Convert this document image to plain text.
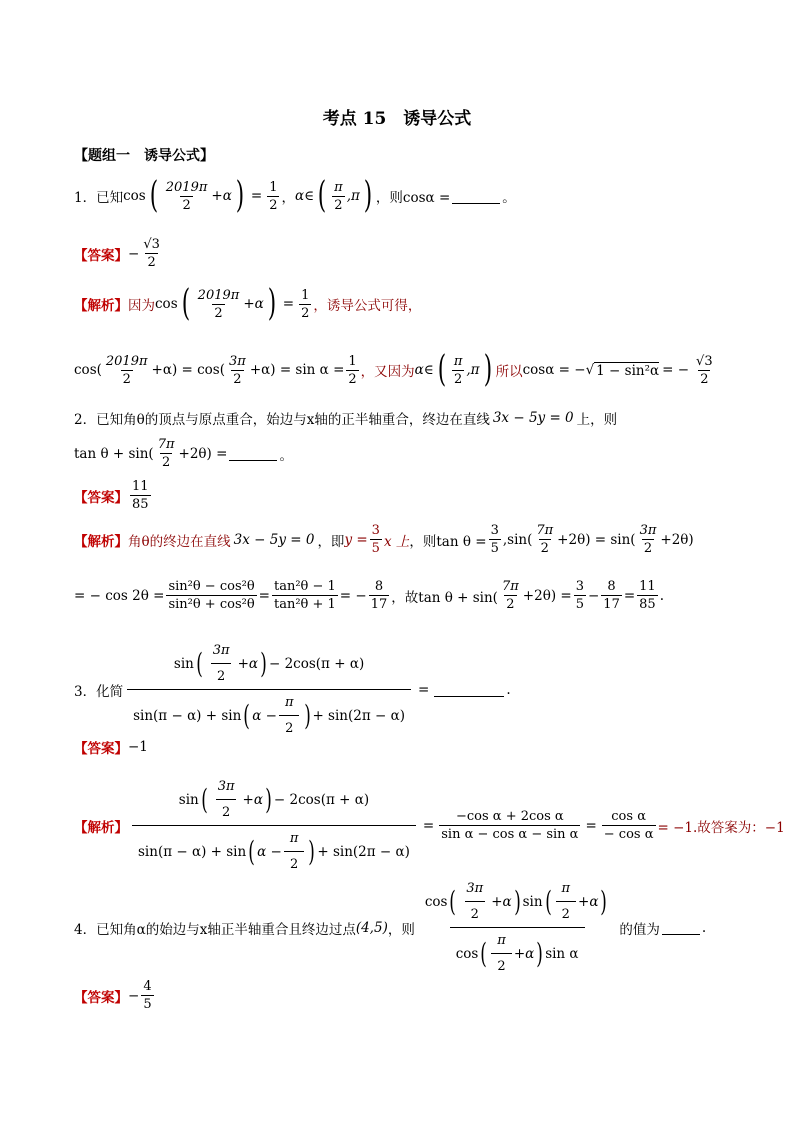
考点 15　诱导公式
【题组一　诱导公式】
1．已知 cos ( $\frac{2019\pi}{2} +\alpha$ ) = $\frac{1}{2}$ ， α∈ ( $\frac{\pi}{2} ,\pi$ ) ，则cosα =	。
【答案】 − $\frac{√3}{2}$
【解析】 因为 cos ( $\frac{2019\pi}{2} +\alpha$ ) = $\frac{1}{2}$ ，诱导公式可得，
$\cos( \frac{2019\pi}{2} +\alpha) = \cos( \frac{3\pi}{2} +\alpha) = \sin \alpha = \frac{1}{2}$ ，又因为 α∈ ( $\frac{\pi}{2} ,\pi$ ) 所以 cosα = − √ 1 − sin²α = − $\frac{√3}{2}$
2．已知角θ的顶点与原点重合，始边与x轴的正半轴重合，终边在直线 3x − 5y = 0 上，则
$\tan \theta + \sin( \frac{7\pi}{2} +2\theta)$ =	。
【答案】 $\frac{11}{85}$
【解析】 角θ的终边在直线 3x − 5y = 0 ，即 $y = \frac{3}{5}$ x 上 ，则$\tan \theta = \frac{3}{5} ,\sin( \frac{7\pi}{2} +2\theta) = \sin( \frac{3\pi}{2} +2\theta)$
= − $\cos 2\theta = \frac{\text{sin²θ − cos²θ}}{\text{sin²θ + cos²θ}} = \frac{\text{tan²θ − 1}}{\text{tan²θ + 1}}$ = − $\frac{8}{17}$ ，故$\tan \theta + \sin( \frac{7\pi}{2} +2\theta) = \frac{3}{5} - \frac{8}{17} = \frac{11}{85}$ .
3．化简
sin ( $\frac{3\pi}{2} +\alpha$ ) − 2cos(π + α)
sin(π − α) + sin ( $\alpha - \frac{\pi}{2}$ ) + sin(2π − α)
=	.
【答案】 −1
【解析】
sin ( $\frac{3\pi}{2} +\alpha$ ) − 2cos(π + α)
sin(π − α) + sin ( $\alpha - \frac{\pi}{2}$ ) + sin(2π − α)
= $\frac{\text{−cos α + 2cos α}}{\text{sin α − cos α − sin α}} = \frac{\text{cos α}}{\text{− cos α}} = -1$.故答案为：−1
4．已知角α的始边与x轴正半轴重合且终边过点 (4,5) ，则
cos ( $\frac{3\pi}{2} +\alpha$ ) sin ( $\frac{\pi}{2} +\alpha$ )
cos ( $\frac{\pi}{2} +\alpha$ ) sin α
的值为	.
【答案】 − $\frac{4}{5}$
